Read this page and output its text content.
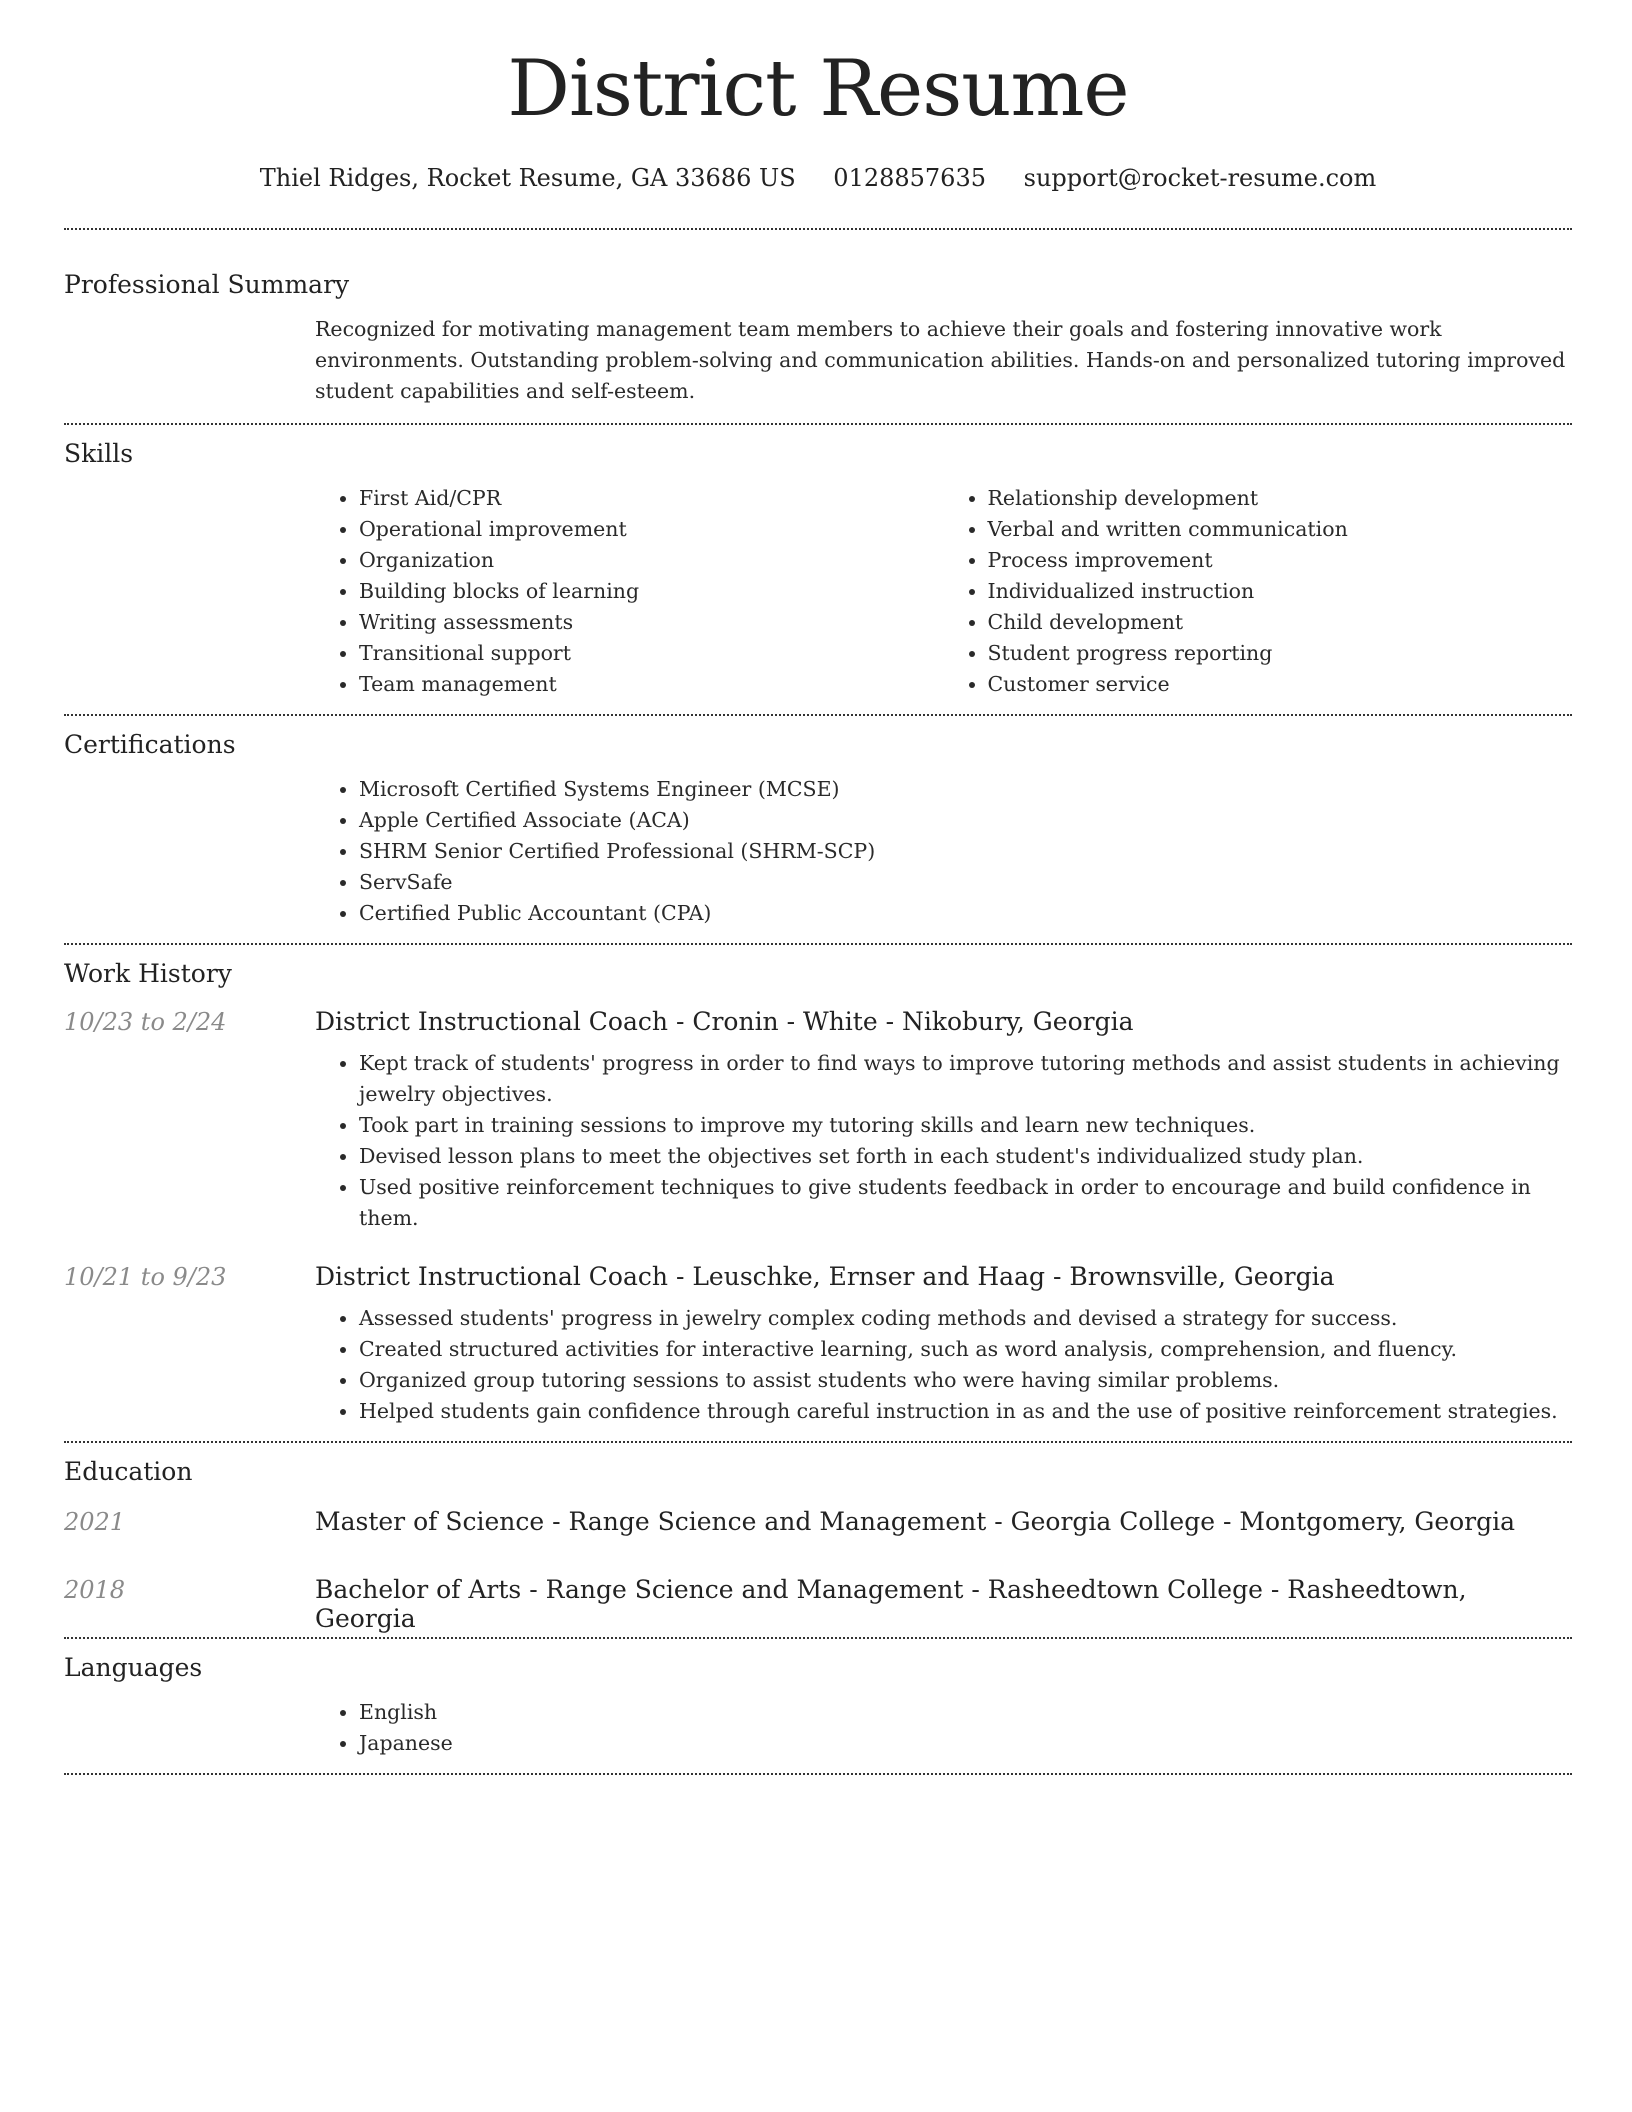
District Resume
Thiel Ridges, Rocket Resume, GA 33686 US 0128857635 support@rocket-resume.com
Professional Summary

Recognized for motivating management team members to achieve their goals and fostering innovative work environments. Outstanding problem-solving and communication abilities. Hands-on and personalized tutoring improved student capabilities and self-esteem.

Skills
• First Aid/CPR
• Operational improvement
• Organization
• Building blocks of learning
• Writing assessments
• Transitional support
• Team management
• Relationship development
• Verbal and written communication
• Process improvement
• Individualized instruction
• Child development
• Student progress reporting
• Customer service
Certifications
• Microsoft Certified Systems Engineer (MCSE)
• Apple Certified Associate (ACA)
• SHRM Senior Certified Professional (SHRM-SCP)
• ServSafe
• Certified Public Accountant (CPA)
Work History
10/23 to 2/24	District Instructional Coach - Cronin - White - Nikobury, Georgia
• Kept track of students' progress in order to find ways to improve tutoring methods and assist students in achieving jewelry objectives.
• Took part in training sessions to improve my tutoring skills and learn new techniques.
• Devised lesson plans to meet the objectives set forth in each student's individualized study plan.
• Used positive reinforcement techniques to give students feedback in order to encourage and build confidence in them.
10/21 to 9/23	District Instructional Coach - Leuschke, Ernser and Haag - Brownsville, Georgia
• Assessed students' progress in jewelry complex coding methods and devised a strategy for success.
• Created structured activities for interactive learning, such as word analysis, comprehension, and fluency.
• Organized group tutoring sessions to assist students who were having similar problems.
• Helped students gain confidence through careful instruction in as and the use of positive reinforcement strategies.
Education
2021	Master of Science - Range Science and Management - Georgia College - Montgomery, Georgia
2018	Bachelor of Arts - Range Science and Management - Rasheedtown College - Rasheedtown, Georgia
Languages
• English
• Japanese
